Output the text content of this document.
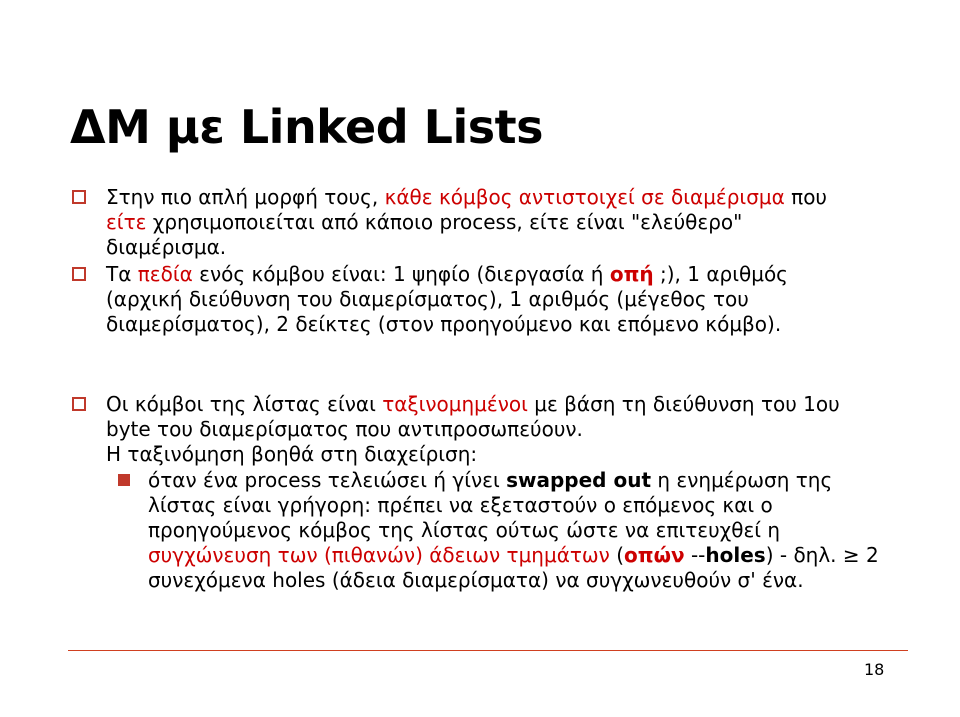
ΔΜ με Linked Lists
Στην πιο απλή μορφή τους, κάθε κόμβος αντιστοιχεί σε διαμέρισμα που είτε χρησιμοποιείται από κάποιο process, είτε είναι "ελεύθερο" διαμέρισμα.
Τα πεδία ενός κόμβου είναι: 1 ψηφίο (διεργασία ή οπή ;), 1 αριθμός (αρχική διεύθυνση του διαμερίσματος), 1 αριθμός (μέγεθος του διαμερίσματος), 2 δείκτες (στον προηγούμενο και επόμενο κόμβο).
Οι κόμβοι της λίστας είναι ταξινομημένοι με βάση τη διεύθυνση του 1ου byte του διαμερίσματος που αντιπροσωπεύουν.
Η ταξινόμηση βοηθά στη διαχείριση:
όταν ένα process τελειώσει ή γίνει swapped out η ενημέρωση της λίστας είναι γρήγορη: πρέπει να εξεταστούν ο επόμενος και ο προηγούμενος κόμβος της λίστας ούτως ώστε να επιτευχθεί η συγχώνευση των (πιθανών) άδειων τμημάτων (οπών --holes) - δηλ. ≥ 2 συνεχόμενα holes (άδεια διαμερίσματα) να συγχωνευθούν σ' ένα.
18
